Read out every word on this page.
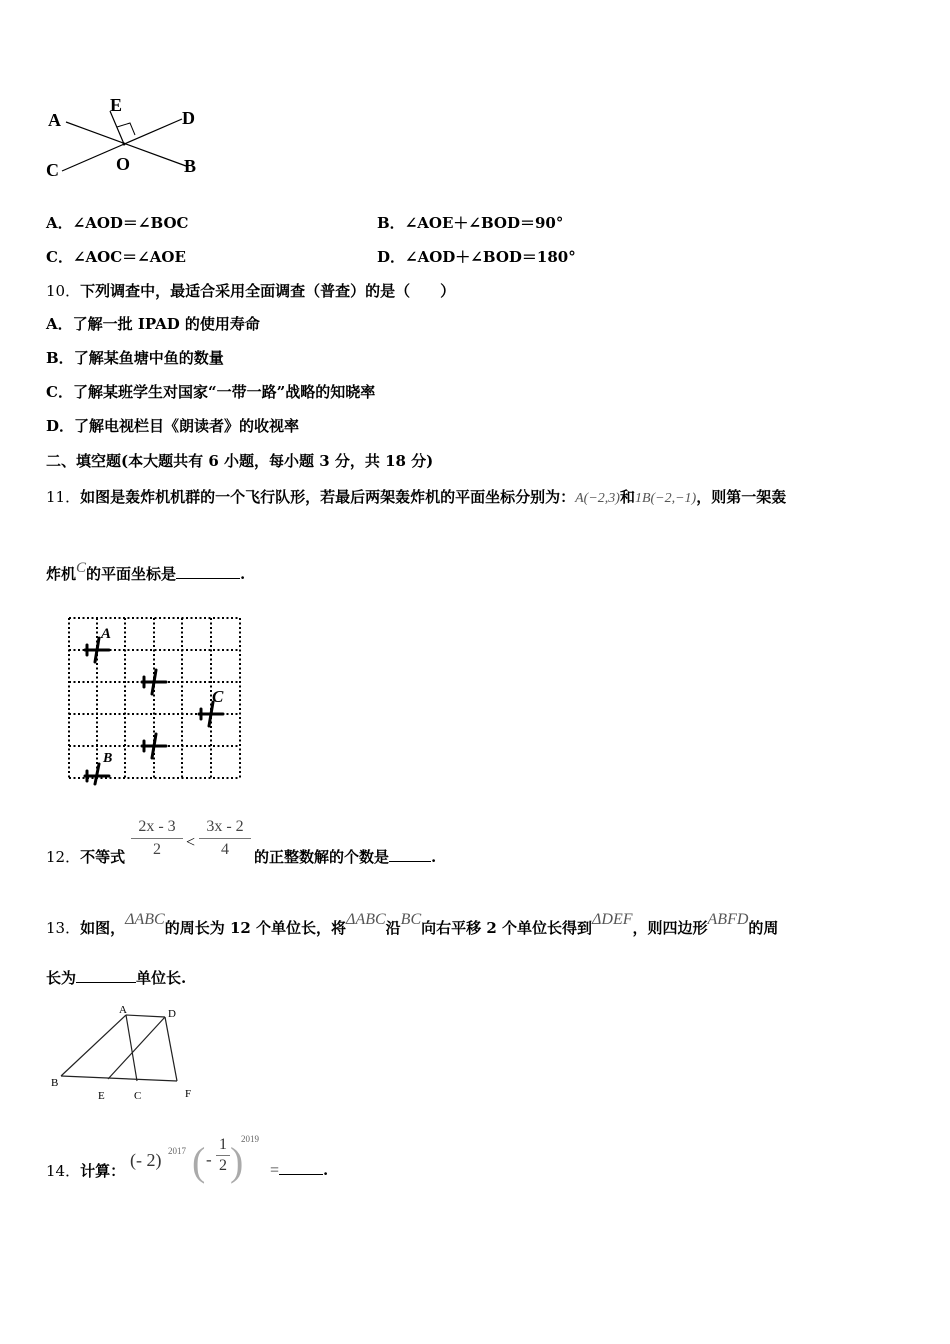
A
E
D
C	O	B
A．∠AOD＝∠BOC	B．∠AOE＋∠BOD＝90°
C．∠AOC＝∠AOE	D．∠AOD＋∠BOD＝180°
10．下列调查中，最适合采用全面调查（普查）的是（　　）
A．了解一批 IPAD 的使用寿命
B．了解某鱼塘中鱼的数量
C．了解某班学生对国家“一带一路”战略的知晓率
D．了解电视栏目《朗读者》的收视率
二、填空题(本大题共有 6 小题，每小题 3 分，共 18 分)
11．如图是轰炸机机群的一个飞行队形，若最后两架轰炸机的平面坐标分别为：A(−2,3)和1B(−2,−1)，则第一架轰
炸机C的平面坐标是	.
A
C
B
12．不等式
2x - 3
2	<
3x - 2
4	的正整数解的个数是	.
13．如图，ΔABC的周长为 12 个单位长，将ΔABC沿BC向右平移 2 个单位长得到ΔDEF，则四边形ABFD的周
长为	单位长.
A	D
B
E	C	F
14．计算：
(- 2) 2017 ( -
1
2 )
2019
=	.
